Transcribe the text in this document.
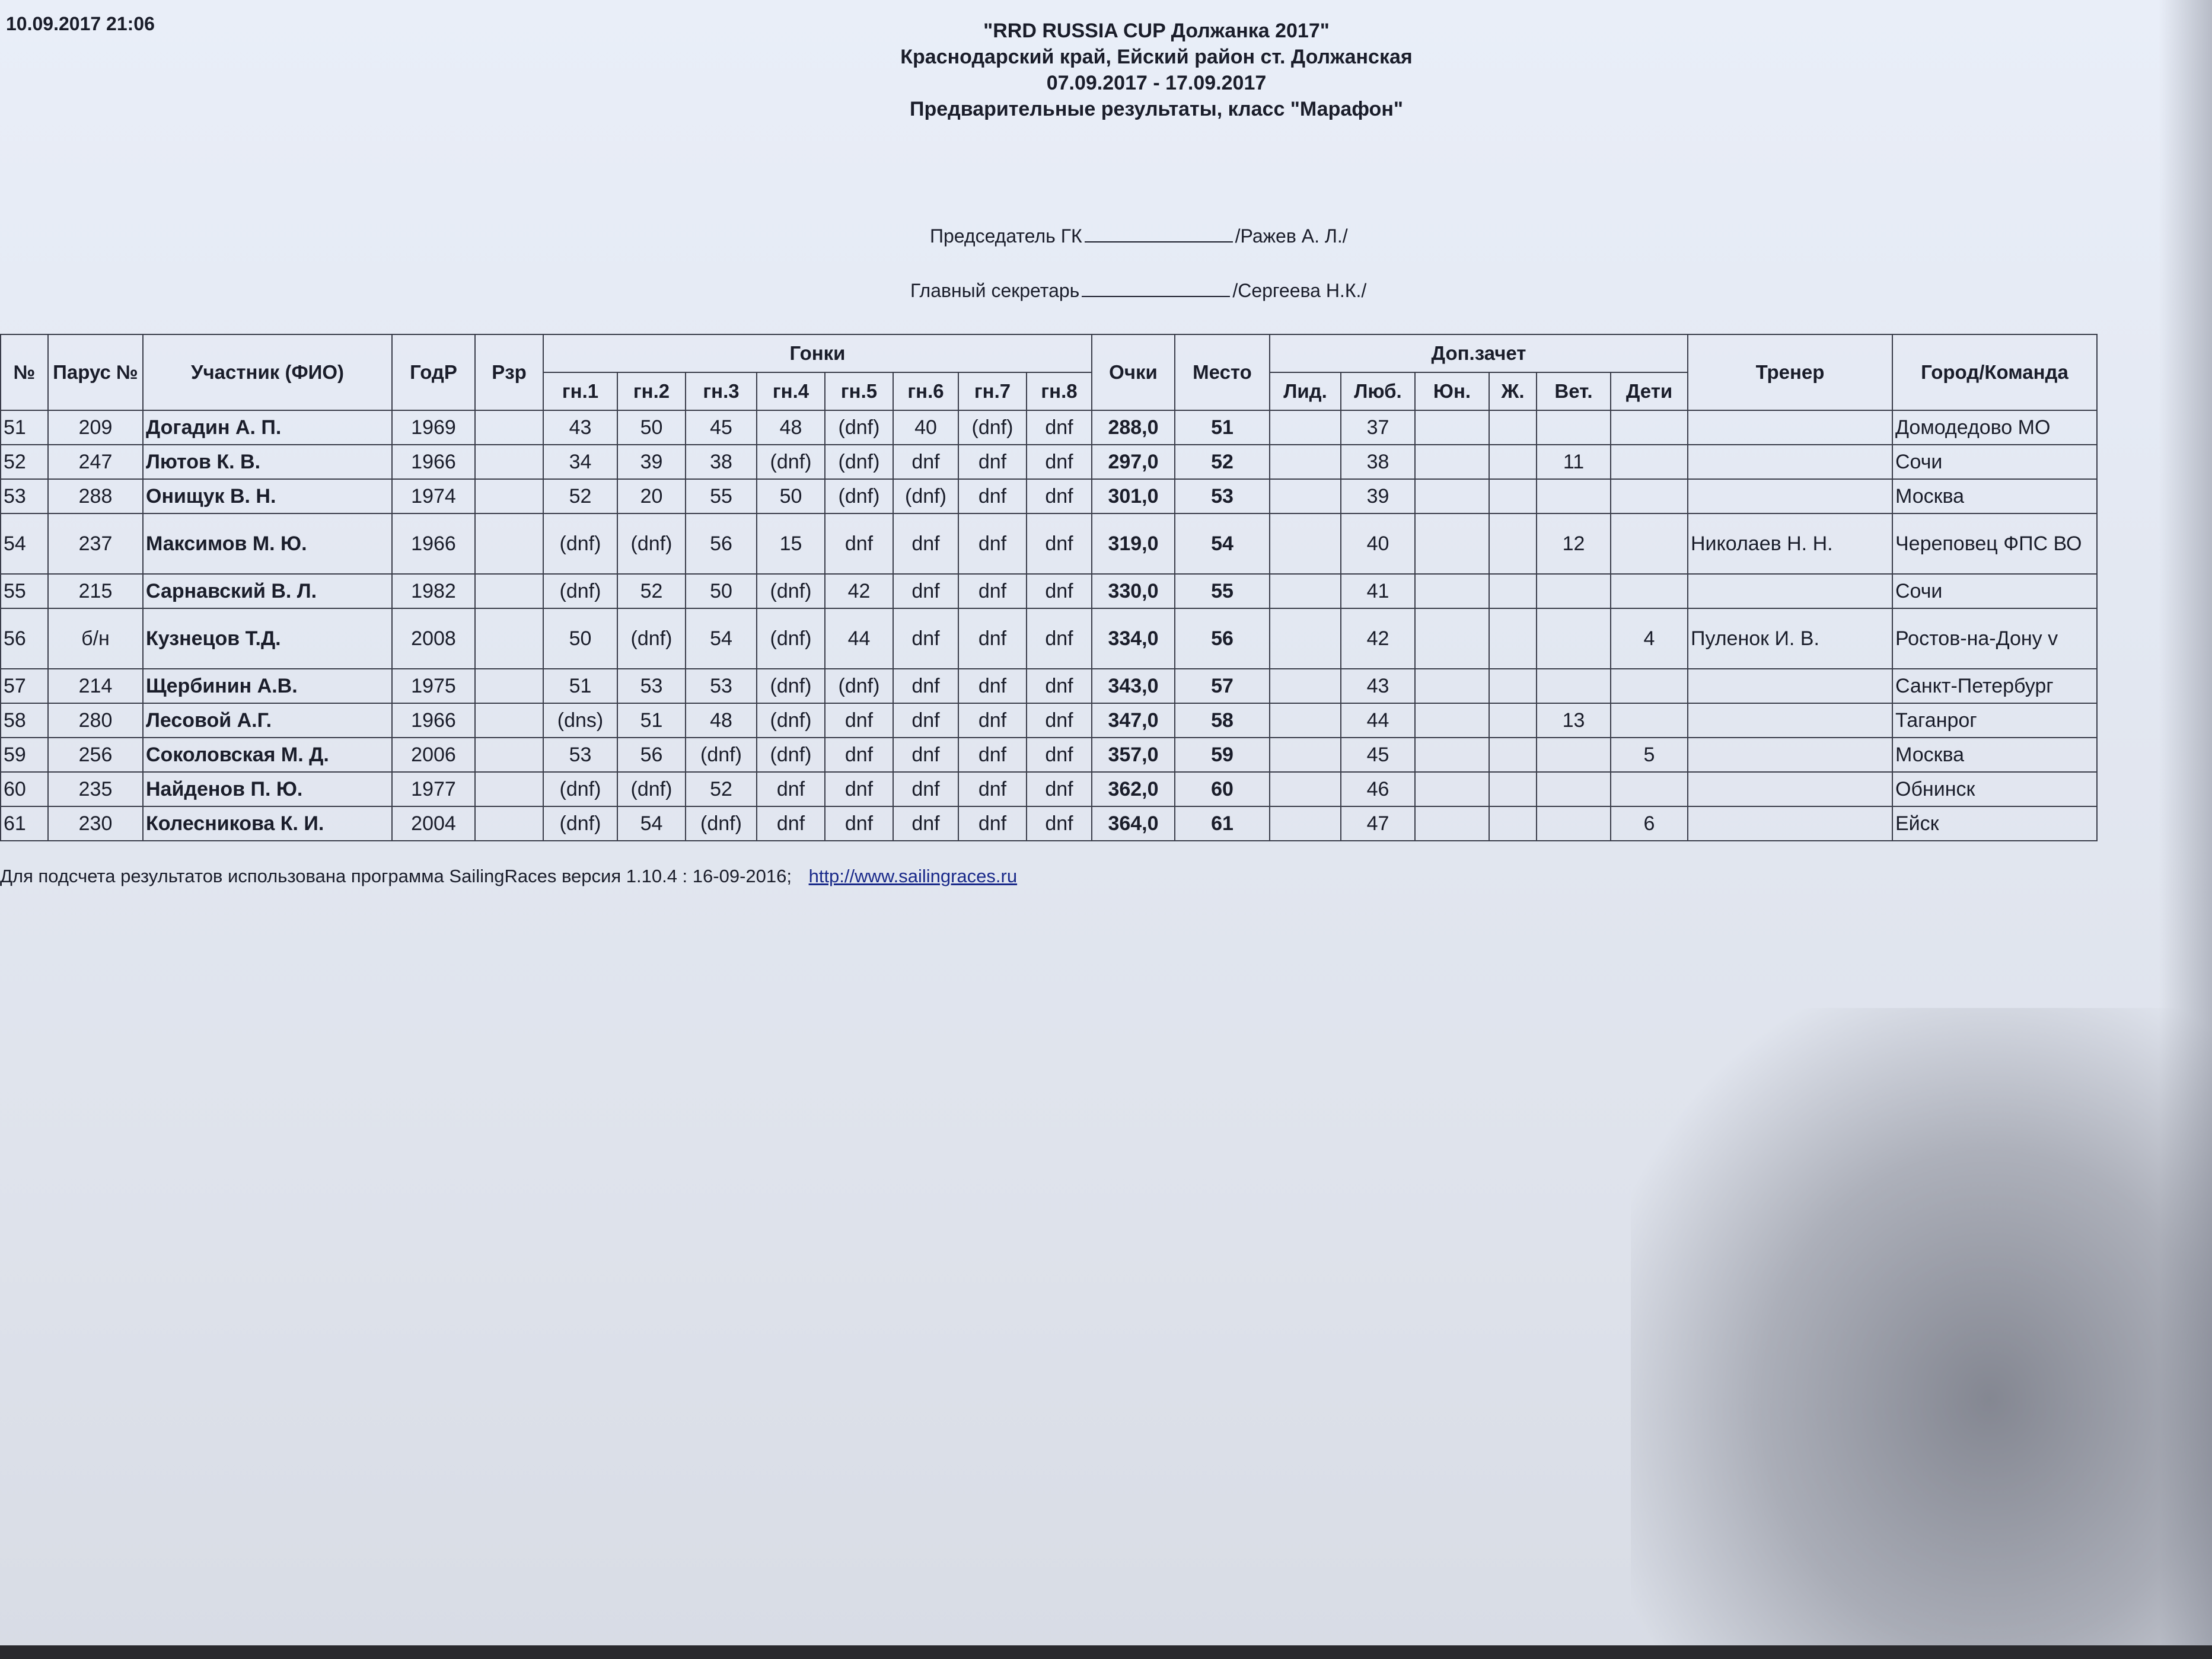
10.09.2017 21:06	"RRD RUSSIA CUP Должанка 2017"
Краснодарский край, Ейский район ст. Должанская
07.09.2017 - 17.09.2017
Предварительные результаты, класс "Марафон"
Председатель ГК	/Ражев А. Л./
Главный секретарь	/Сергеева Н.К./
№	Парус №	Участник (ФИО)	ГодР	Рзр	Гонки								Очки	Место	Доп.зачет						Тренер	Город/Команда
					гн.1	гн.2	гн.3	гн.4	гн.5	гн.6	гн.7	гн.8			Лид.	Люб.	Юн.	Ж.	Вет.	Дети		
51	209	Догадин А. П.	1969		43	50	45	48	(dnf)	40	(dnf)	dnf	288,0	51		37						Домодедово МО
52	247	Лютов К. В.	1966		34	39	38	(dnf)	(dnf)	dnf	dnf	dnf	297,0	52		38			11			Сочи
53	288	Онищук В. Н.	1974		52	20	55	50	(dnf)	(dnf)	dnf	dnf	301,0	53		39						Москва
54	237	Максимов М. Ю.	1966		(dnf)	(dnf)	56	15	dnf	dnf	dnf	dnf	319,0	54		40			12		Николаев Н. Н.	Череповец ФПС ВО
55	215	Сарнавский В. Л.	1982		(dnf)	52	50	(dnf)	42	dnf	dnf	dnf	330,0	55		41						Сочи
56	б/н	Кузнецов Т.Д.	2008		50	(dnf)	54	(dnf)	44	dnf	dnf	dnf	334,0	56		42				4	Пуленок И. В.	Ростов-на-Дону v
57	214	Щербинин А.В.	1975		51	53	53	(dnf)	(dnf)	dnf	dnf	dnf	343,0	57		43						Санкт-Петербург
58	280	Лесовой А.Г.	1966		(dns)	51	48	(dnf)	dnf	dnf	dnf	dnf	347,0	58		44			13			Таганрог
59	256	Соколовская М. Д.	2006		53	56	(dnf)	(dnf)	dnf	dnf	dnf	dnf	357,0	59		45				5		Москва
60	235	Найденов П. Ю.	1977		(dnf)	(dnf)	52	dnf	dnf	dnf	dnf	dnf	362,0	60		46						Обнинск
61	230	Колесникова К. И.	2004		(dnf)	54	(dnf)	dnf	dnf	dnf	dnf	dnf	364,0	61		47				6		Ейск
Для подсчета результатов использована программа SailingRaces версия 1.10.4 : 16-09-2016; http://www.sailingraces.ru
